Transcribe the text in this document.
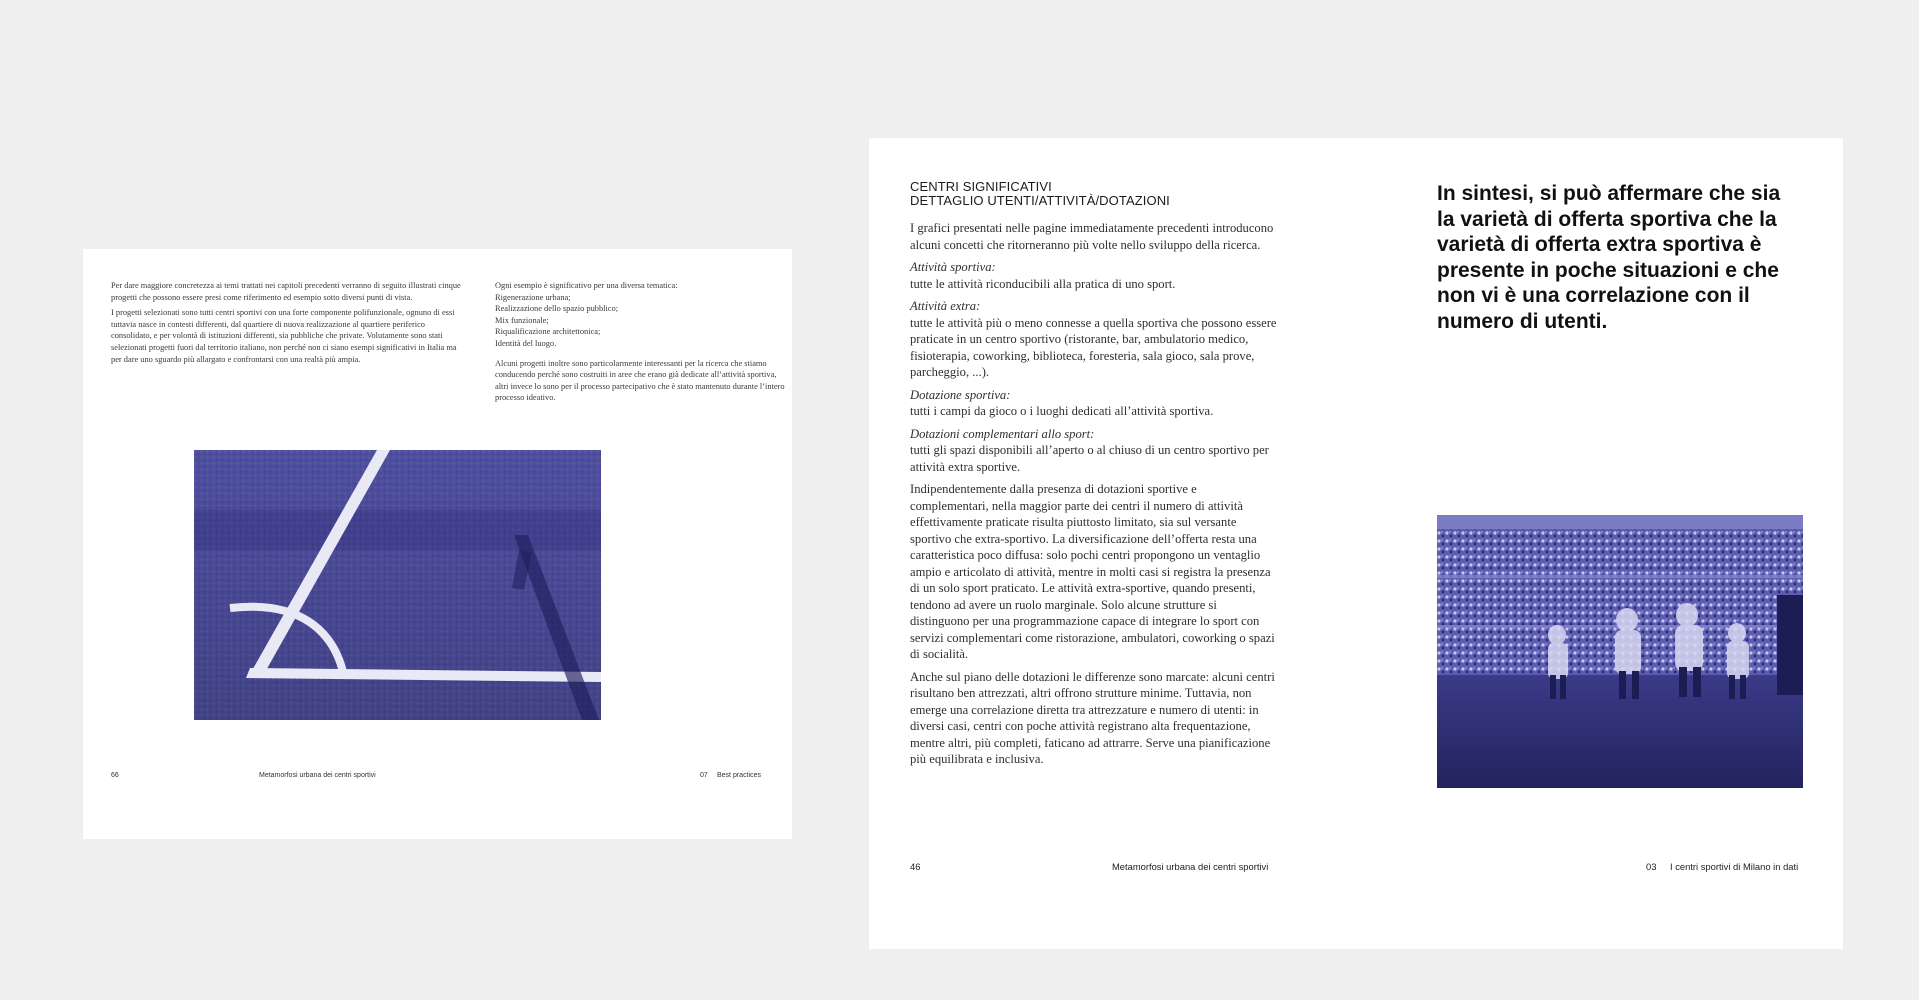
Per dare maggiore concretezza ai temi trattati nei capitoli precedenti verranno di seguito illustrati cinque progetti che possono essere presi come riferimento ed esempio sotto diversi punti di vista.

I progetti selezionati sono tutti centri sportivi con una forte componente polifunzionale, ognuno di essi tuttavia nasce in contesti differenti, dal quartiere di nuova realizzazione al quartiere periferico consolidato, e per volontà di istituzioni differenti, sia pubbliche che private. Volutamente sono stati selezionati progetti fuori dal territorio italiano, non perché non ci siano esempi significativi in Italia ma per dare uno sguardo più allargato e confrontarsi con una realtà più ampia.

Ogni esempio è significativo per una diversa tematica:

Rigenerazione urbana;

Realizzazione dello spazio pubblico;

Mix funzionale;

Riqualificazione architettonica;

Identità del luogo.

Alcuni progetti inoltre sono particolarmente interessanti per la ricerca che stiamo conducendo perché sono costruiti in aree che erano già dedicate all’attività sportiva, altri invece lo sono per il processo partecipativo che è stato mantenuto durante l’intero processo ideativo.

66	Metamorfosi urbana dei centri sportivi	07 Best practices
CENTRI SIGNIFICATIVI
DETTAGLIO UTENTI/ATTIVITÀ/DOTAZIONI

I grafici presentati nelle pagine immediatamente precedenti introducono alcuni concetti che ritorneranno più volte nello sviluppo della ricerca.

Attività sportiva:
tutte le attività riconducibili alla pratica di uno sport.

Attività extra:
tutte le attività più o meno connesse a quella sportiva che possono essere praticate in un centro sportivo (ristorante, bar, ambulatorio medico, fisioterapia, coworking, biblioteca, foresteria, sala gioco, sala prove, parcheggio, ...).

Dotazione sportiva:
tutti i campi da gioco o i luoghi dedicati all’attività sportiva.

Dotazioni complementari allo sport:
tutti gli spazi disponibili all’aperto o al chiuso di un centro sportivo per attività extra sportive.

Indipendentemente dalla presenza di dotazioni sportive e complementari, nella maggior parte dei centri il numero di attività effettivamente praticate risulta piuttosto limitato, sia sul versante sportivo che extra-sportivo. La diversificazione dell’offerta resta una caratteristica poco diffusa: solo pochi centri propongono un ventaglio ampio e articolato di attività, mentre in molti casi si registra la presenza di un solo sport praticato. Le attività extra-sportive, quando presenti, tendono ad avere un ruolo marginale. Solo alcune strutture si distinguono per una programmazione capace di integrare lo sport con servizi complementari come ristorazione, ambulatori, coworking o spazi di socialità.

Anche sul piano delle dotazioni le differenze sono marcate: alcuni centri risultano ben attrezzati, altri offrono strutture minime. Tuttavia, non emerge una correlazione diretta tra attrezzature e numero di utenti: in diversi casi, centri con poche attività registrano alta frequentazione, mentre altri, più completi, faticano ad attrarre. Serve una pianificazione più equilibrata e inclusiva.

In sintesi, si può affermare che sia la varietà di offerta sportiva che la varietà di offerta extra sportiva è presente in poche situazioni e che non vi è una correlazione con il numero di utenti.
46	Metamorfosi urbana dei centri sportivi	03 I centri sportivi di Milano in dati
